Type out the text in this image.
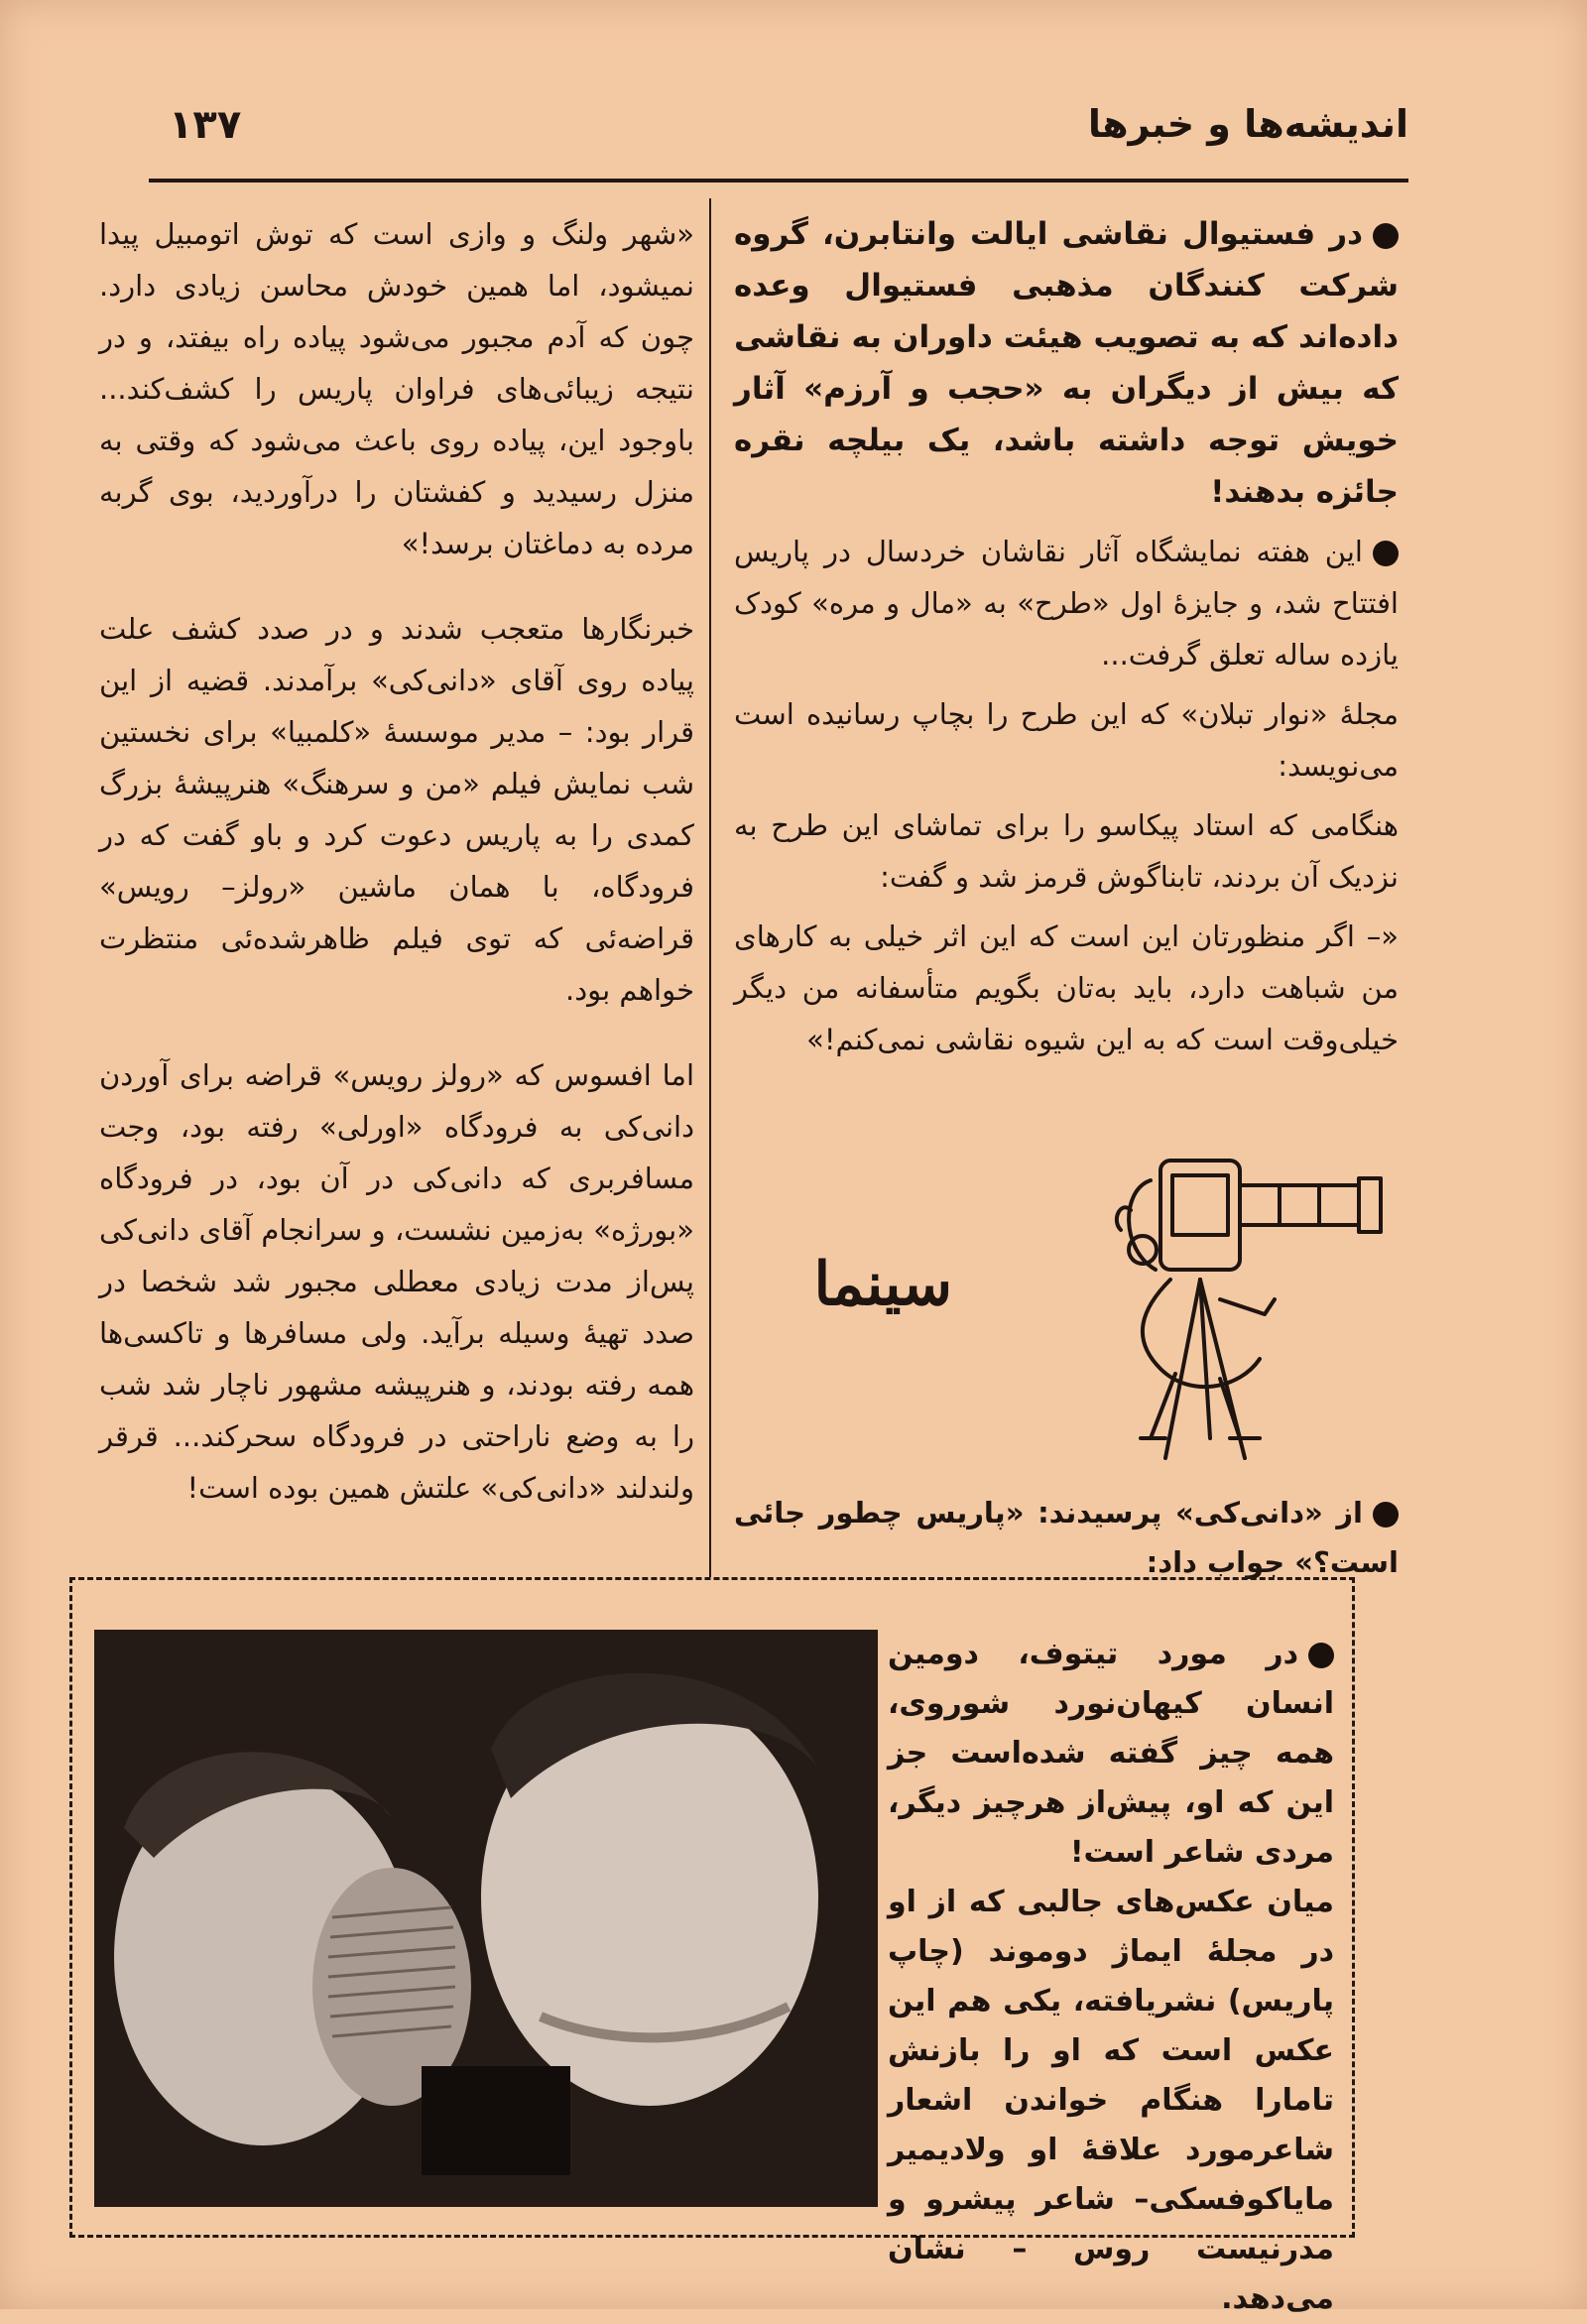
۱۳۷	اندیشه‌ها و خبرها

در فستیوال نقاشی ایالت وانتابرن، گروه شرکت کنندگان مذهبی فستیوال وعده داده‌اند که به تصویب هیئت داوران به نقاشی که بیش از دیگران به «حجب و آرزم» آثار خویش توجه داشته باشد، یک بیلچه نقره جائزه بدهند!

این هفته نمایشگاه آثار نقاشان خردسال در پاریس افتتاح شد، و جایزهٔ اول «طرح» به «مال و مره» کودک یازده ساله تعلق گرفت...

مجلهٔ «نوار تبلان» که این طرح را بچاپ رسانیده است می‌نویسد:

هنگامی که استاد پیکاسو را برای تماشای این طرح به نزدیک آن بردند، تابناگوش قرمز شد و گفت:

«– اگر منظورتان این است که این اثر خیلی به کارهای من شباهت دارد، باید به‌تان بگویم متأسفانه من دیگر خیلی‌وقت است که به این شیوه نقاشی نمی‌کنم!»

سینما

«شهر ولنگ و وازی است که توش اتومبیل پیدا نمیشود، اما همین خودش محاسن زیادی دارد. چون که آدم مجبور می‌شود پیاده راه بیفتد، و در نتیجه زیبائی‌های فراوان پاریس را کشف‌کند... باوجود این، پیاده روی باعث می‌شود که وقتی به منزل رسیدید و کفشتان را درآوردید، بوی گربه مرده به دماغتان برسد!»

خبرنگارها متعجب شدند و در صدد کشف علت پیاده روی آقای «دانی‌کی» برآمدند. قضیه از این قرار بود: – مدیر موسسهٔ «کلمبیا» برای نخستین شب نمایش فیلم «من و سرهنگ» هنرپیشهٔ بزرگ کمدی را به پاریس دعوت کرد و باو گفت که در فرودگاه، با همان ماشین «رولز– رویس» قراضه‌ئی که توی فیلم ظاهرشده‌ئی منتظرت خواهم بود.

اما افسوس که «رولز رویس» قراضه برای آوردن دانی‌کی به فرودگاه «اورلی» رفته بود، وجت مسافربری که دانی‌کی در آن بود، در فرودگاه «بورژه» به‌زمین نشست، و سرانجام آقای دانی‌کی پس‌از مدت زیادی معطلی مجبور شد شخصا در صدد تهیهٔ وسیله برآید. ولی مسافرها و تاکسی‌ها همه رفته بودند، و هنرپیشه مشهور ناچار شد شب را به وضع ناراحتی در فرودگاه سحرکند... قرقر ولندلند «دانی‌کی» علتش همین بوده است!

از «دانی‌کی» پرسیدند: «پاریس چطور جائی است؟» جواب داد:

در مورد تیتوف، دومین انسان کیهان‌نورد شوروی، همه چیز گفته شده‌است جز این که او، پیش‌از هرچیز دیگر، مردی شاعر است!

میان عکس‌های جالبی که از او در مجلهٔ ایماژ دوموند (چاپ پاریس) نشریافته، یکی هم این عکس است که او را بازنش تامارا هنگام خواندن اشعار شاعرمورد علاقهٔ او ولادیمیر مایاکوفسکی– شاعر پیشرو و مدرنیست روس – نشان می‌دهد.
